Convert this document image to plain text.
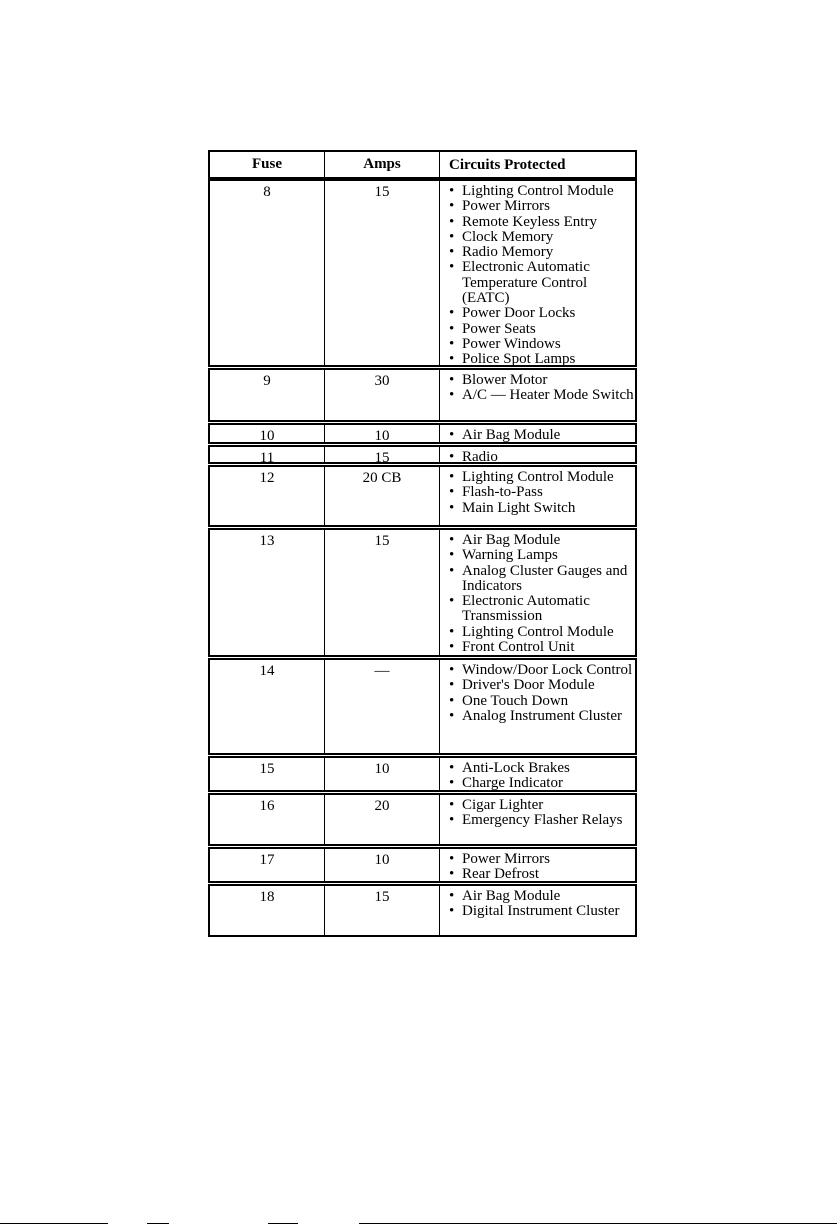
Fuse	Amps	Circuits Protected
8	15	• Lighting Control Module
• Power Mirrors
• Remote Keyless Entry
• Clock Memory
• Radio Memory
• Electronic Automatic Temperature Control (EATC)
• Power Door Locks
• Power Seats
• Power Windows
• Police Spot Lamps
9	30	• Blower Motor
• A/C — Heater Mode Switch
10	10	• Air Bag Module
11	15	• Radio
12	20 CB	• Lighting Control Module
• Flash-to-Pass
• Main Light Switch
13	15	• Air Bag Module
• Warning Lamps
• Analog Cluster Gauges and Indicators
• Electronic Automatic Transmission
• Lighting Control Module
• Front Control Unit
14	—	• Window/Door Lock Control
• Driver's Door Module
• One Touch Down
• Analog Instrument Cluster
15	10	• Anti-Lock Brakes
• Charge Indicator
16	20	• Cigar Lighter
• Emergency Flasher Relays
17	10	• Power Mirrors
• Rear Defrost
18	15	• Air Bag Module
• Digital Instrument Cluster
